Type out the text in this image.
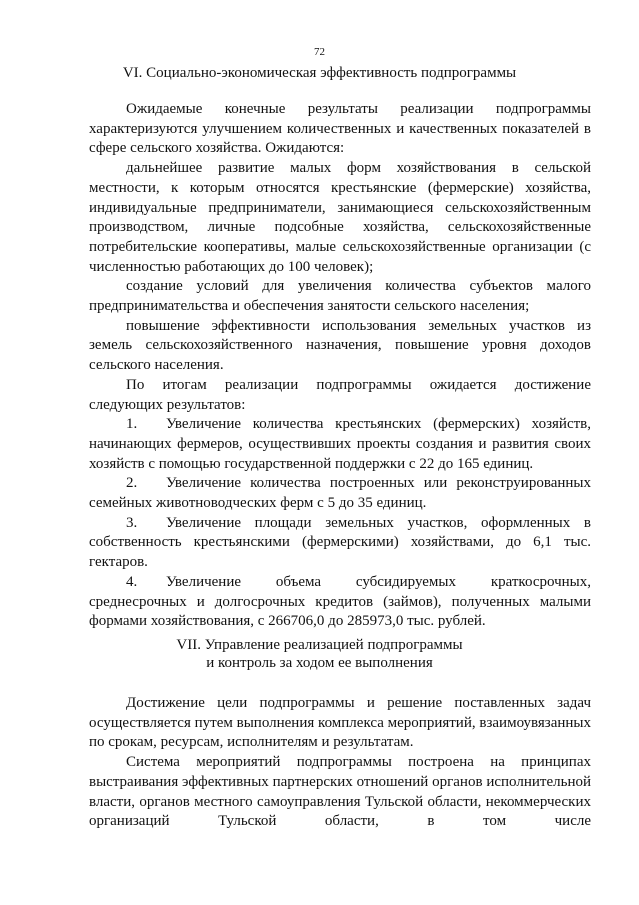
72
VI. Социально-экономическая эффективность подпрограммы

Ожидаемые конечные результаты реализации подпрограммы характеризуются улучшением количественных и качественных показателей в сфере сельского хозяйства. Ожидаются:

дальнейшее развитие малых форм хозяйствования в сельской местности, к которым относятся крестьянские (фермерские) хозяйства, индивидуальные предприниматели, занимающиеся сельскохозяйственным производством, личные подсобные хозяйства, сельскохозяйственные потребительские кооперативы, малые сельскохозяйственные организации (с численностью работающих до 100 человек);

создание условий для увеличения количества субъектов малого предпринимательства и обеспечения занятости сельского населения;

повышение эффективности использования земельных участков из земель сельскохозяйственного назначения, повышение уровня доходов сельского населения.

По итогам реализации подпрограммы ожидается достижение следующих результатов:

1. Увеличение количества крестьянских (фермерских) хозяйств, начинающих фермеров, осуществивших проекты создания и развития своих хозяйств с помощью государственной поддержки с 22 до 165 единиц.

2. Увеличение количества построенных или реконструированных семейных животноводческих ферм с 5 до 35 единиц.

3. Увеличение площади земельных участков, оформленных в собственность крестьянскими (фермерскими) хозяйствами, до 6,1 тыс. гектаров.

4. Увеличение объема субсидируемых краткосрочных, среднесрочных и долгосрочных кредитов (займов), полученных малыми формами хозяйствования, с 266706,0 до 285973,0 тыс. рублей.

VII. Управление реализацией подпрограммы
и контроль за ходом ее выполнения

Достижение цели подпрограммы и решение поставленных задач осуществляется путем выполнения комплекса мероприятий, взаимоувязанных по срокам, ресурсам, исполнителям и результатам.

Система мероприятий подпрограммы построена на принципах выстраивания эффективных партнерских отношений органов исполнительной власти, органов местного самоуправления Тульской области, некоммерческих организаций Тульской области, в том числе
